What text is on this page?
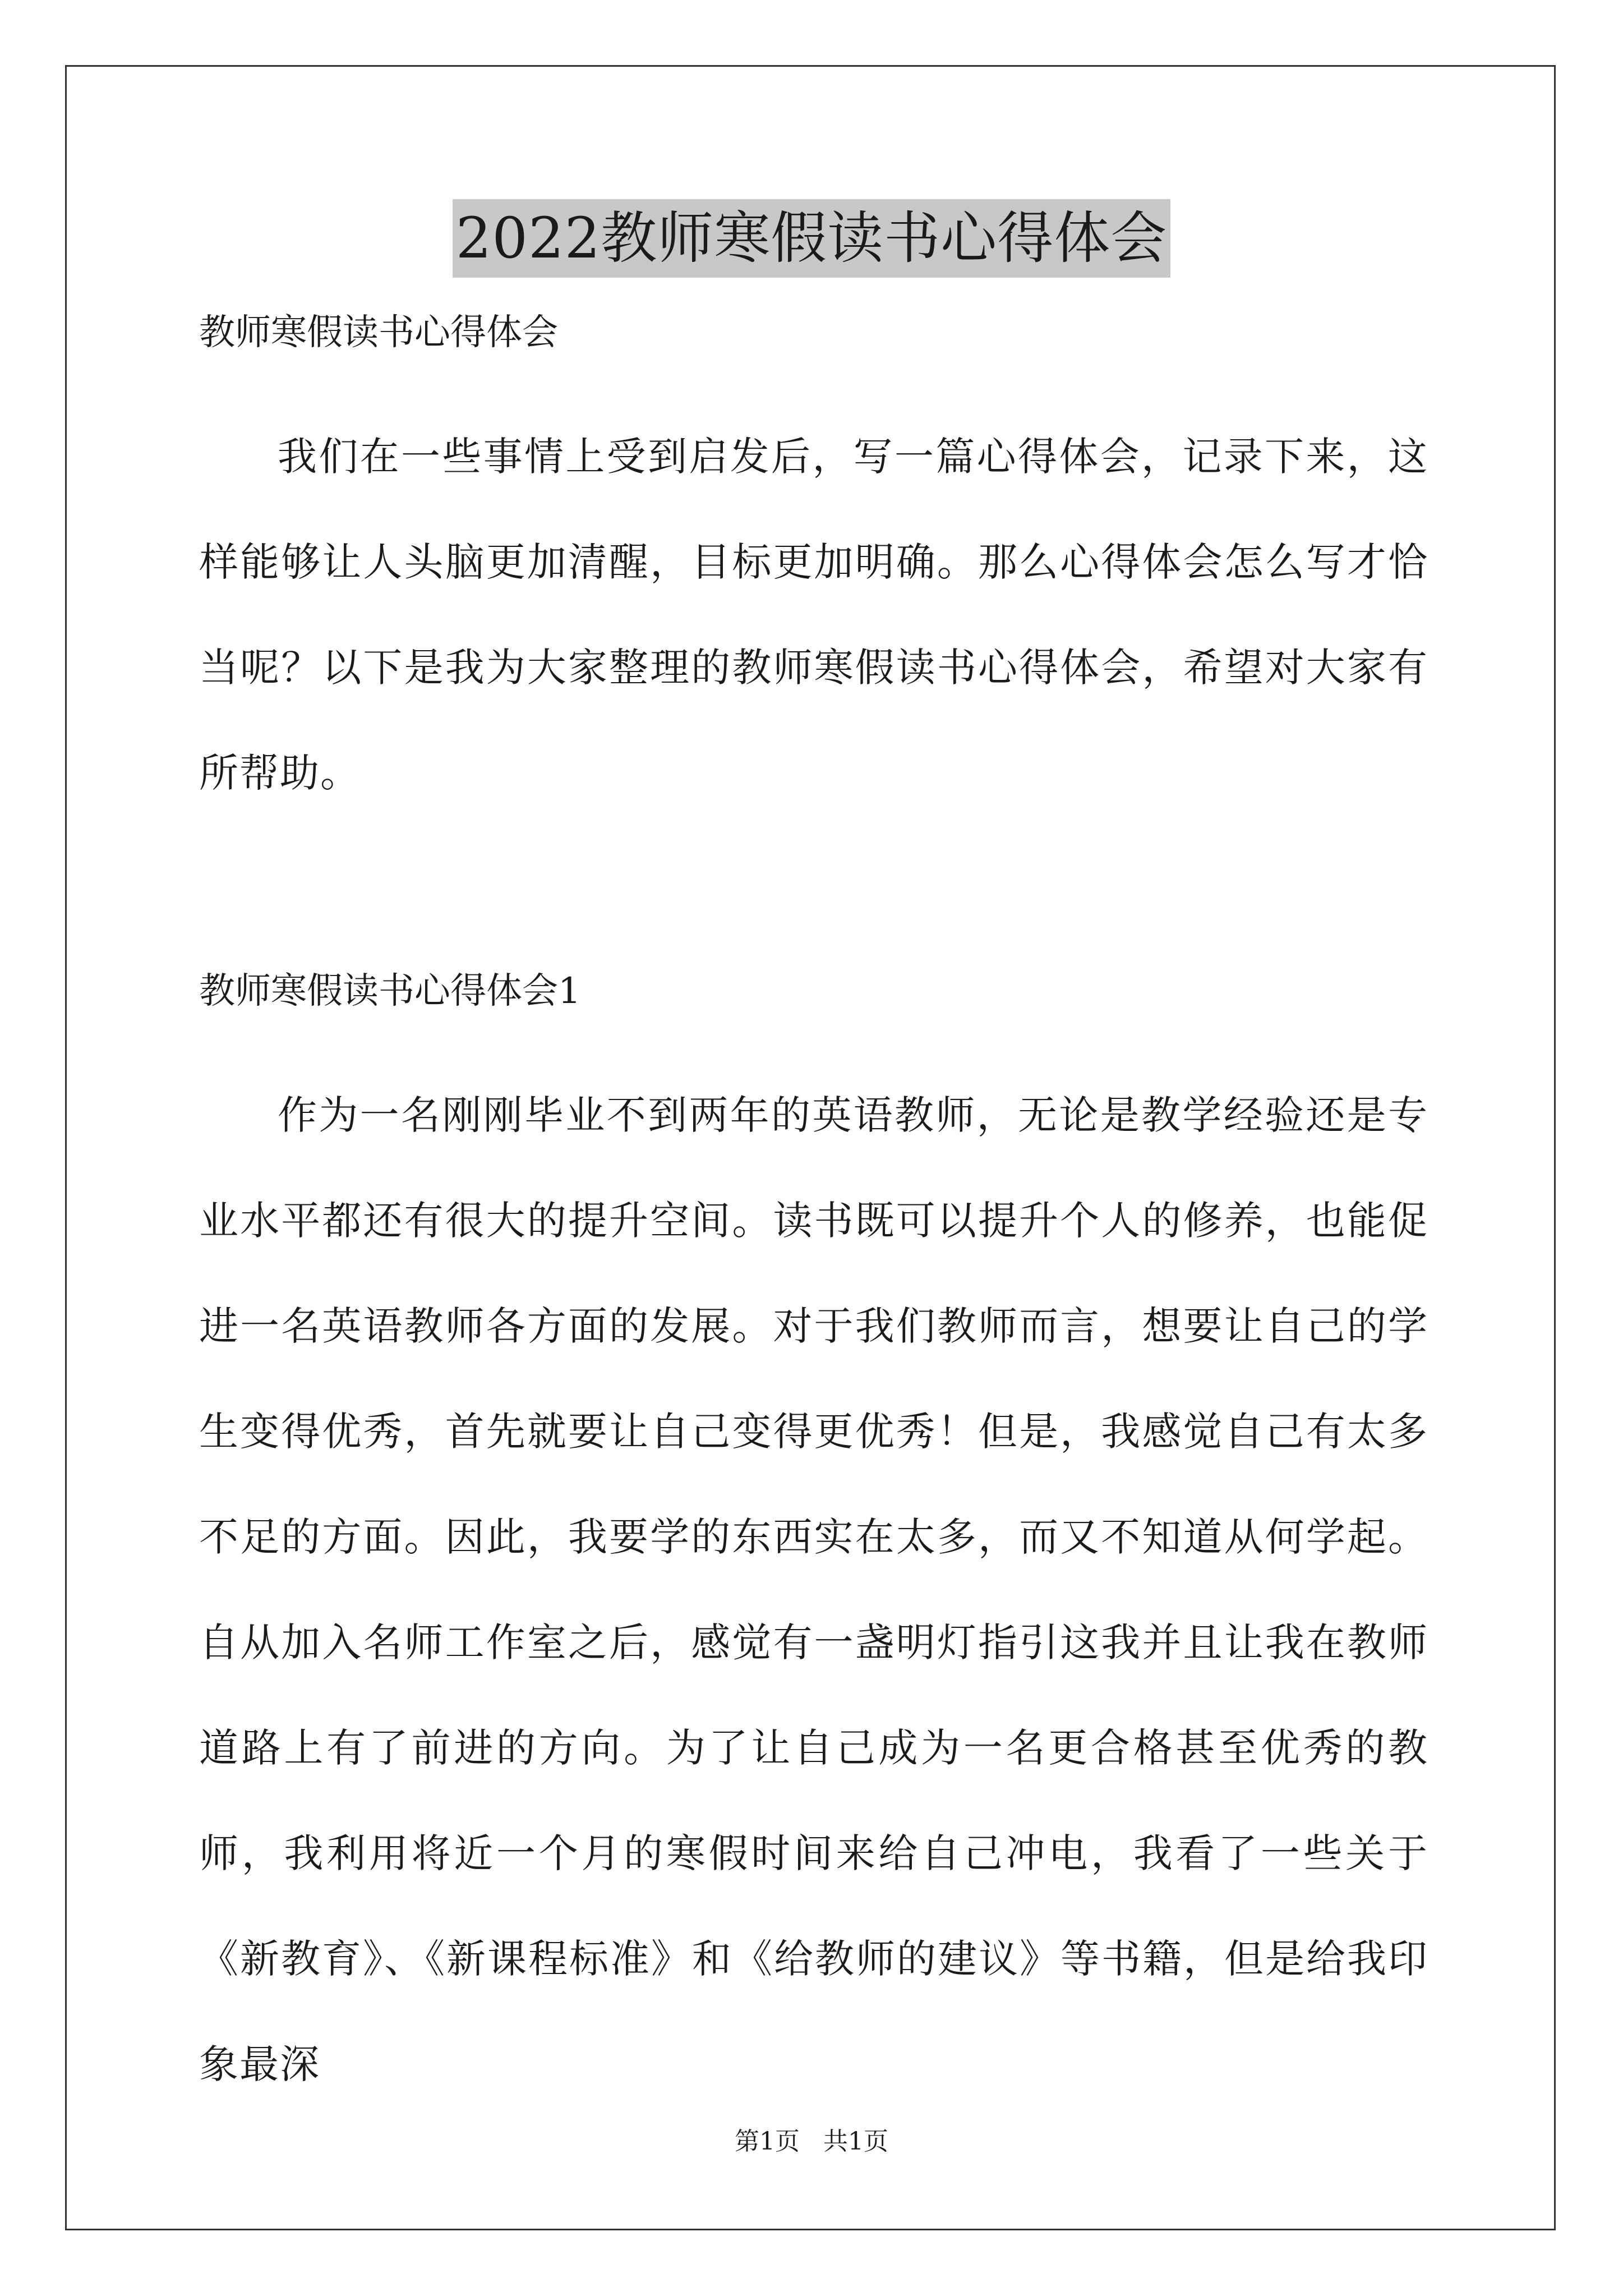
2022教师寒假读书心得体会
教师寒假读书心得体会

我们在一些事情上受到启发后，写一篇心得体会，记录下来，这样能够让人头脑更加清醒，目标更加明确。那么心得体会怎么写才恰当呢？以下是我为大家整理的教师寒假读书心得体会，希望对大家有所帮助。

教师寒假读书心得体会1

作为一名刚刚毕业不到两年的英语教师，无论是教学经验还是专业水平都还有很大的提升空间。读书既可以提升个人的修养，也能促进一名英语教师各方面的发展。对于我们教师而言，想要让自己的学生变得优秀，首先就要让自己变得更优秀！但是，我感觉自己有太多不足的方面。因此，我要学的东西实在太多，而又不知道从何学起。自从加入名师工作室之后，感觉有一盏明灯指引这我并且让我在教师道路上有了前进的方向。为了让自己成为一名更合格甚至优秀的教师，我利用将近一个月的寒假时间来给自己冲电，我看了一些关于《新教育》、《新课程标准》和《给教师的建议》等书籍，但是给我印象最深

第1页   共1页
